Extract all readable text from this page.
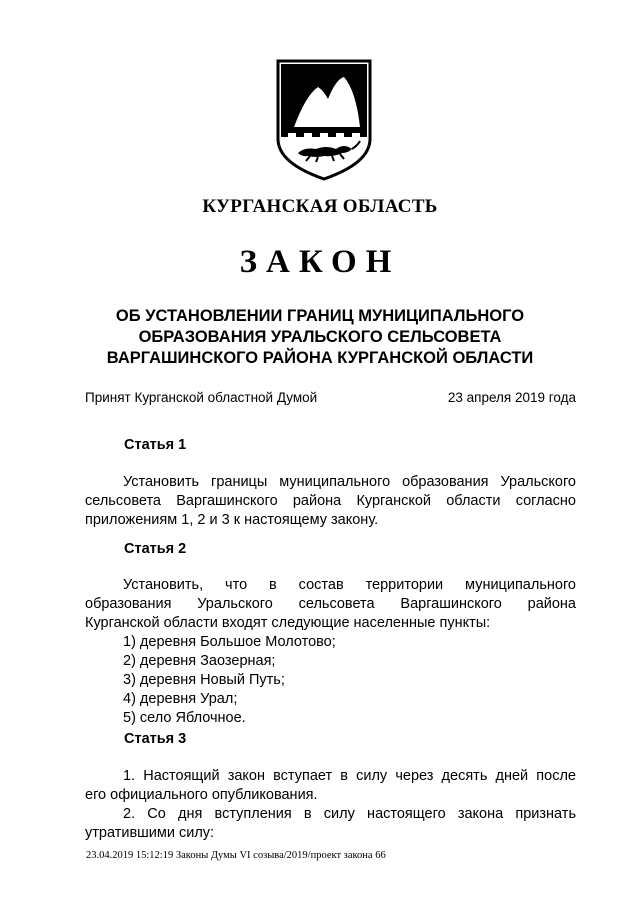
КУРГАНСКАЯ ОБЛАСТЬ
ЗАКОН
ОБ УСТАНОВЛЕНИИ ГРАНИЦ МУНИЦИПАЛЬНОГО
ОБРАЗОВАНИЯ УРАЛЬСКОГО СЕЛЬСОВЕТА
ВАРГАШИНСКОГО РАЙОНА КУРГАНСКОЙ ОБЛАСТИ
Принят Курганской областной Думой	23 апреля 2019 года
Статья 1
Установить границы муниципального образования Уральского
сельсовета Варгашинского района Курганской области согласно
приложениям 1, 2 и 3 к настоящему закону.
Статья 2
Установить, что в состав территории муниципального
образования Уральского сельсовета Варгашинского района
Курганской области входят следующие населенные пункты:
1) деревня Большое Молотово;
2) деревня Заозерная;
3) деревня Новый Путь;
4) деревня Урал;
5) село Яблочное.
Статья 3
1. Настоящий закон вступает в силу через десять дней после
его официального опубликования.
2. Со дня вступления в силу настоящего закона признать
утратившими силу:
23.04.2019 15:12:19 Законы Думы VI созыва/2019/проект закона 66
